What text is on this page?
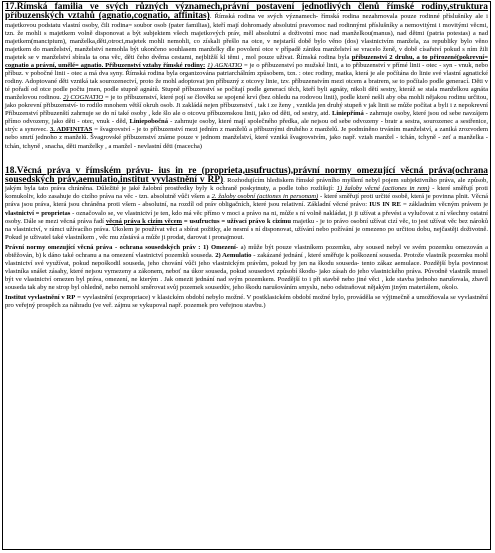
17.Římská familia ve svých různých významech,právní postavení jednotlivých členů římské rodiny,struktura příbuzenských vztahů (agnatio,cognatio, affinitas). Římská rodina ve svých významech- římská rodina nezahrnovala pouze rodinné příslušníky ale i majetkovou podstatu vlastní osoby, čili rodina= soubor osob (pater familias), kteří mají dohromady absolutní pravomoc nad rodinnými příslušníky a nemovitými i movitými věcmi, tzn. že mohli s majetkem volně disponovat a být subjektem všech majetkových práv, měl absolutní a doživotní moc nad manželkou(manus), nad dětmi (patria potestas) a nad majetkem(mancipium), manželka,děti,otroci,majetek mohli nemohli, co získali přešlo na otce, v nejstarší době bylo věno (dos) vlastnictvím manžela, za republiky bylo věno majetkem do manželství, manželství nemohla být ukončeno souhlasem manželky dle povolení otce v případě zániku manželství se vracelo ženě, v době císařství pokud s ním žili majetek se v manželství sbírala ta ona věc, děti čeho dvěma cestami, nejbližší kl těmi , mol pouze uživat. Římská rodina byla příbuzenství 2 druhu, a to přirozené(pokrevní= cognatio a právní, umělé= agnatio. Příbuzenství vztahy římské rodiny: 1) AGNATIO = je o příbuzenství po mužské linii, a to příbuzenství v přímé linii - otec - syn - vnuk, nebo příbuz. v pobočné linii - otec a má dva syny. Římská rodina byla organizována patriarchálním způsobem, tzn. : otec rodiny, matka, která je ale počítána do linie své vlastní agnatické rodiny. Adoptované děti vzniká tak sourozenectví, proto že mohl adoptovat jen příbuzný z otcovy linie, tzv. příbuzenstvím mezi otcem a bratrem, se to počítalo podle generací. Děti v té pořadí od otce podle počtu jmen, podle stupně agnátů. Stupně příbuzenství se počítají podle generací těch, kteří byli agnáty, nikoli dětí sestry, kteráž se stala manželkou agnáta manželovou rodinou. 2) COGNATIO = je to příbuzenství, které pojí se člověku se spojené krví (bez ohledu na rodovou linii), podle které nešli aby oba mohli nějakou rodinu určitou, jako pokrevní přibuzenství- to rodilo mnohem větší okruh osob. Ji zakládá nejen příbuzenství , tak i ze ženy , vznikla jen druhý stupeň v jak linii se může počítat a byli i z nepokrevní Příbuzenství příbuzenští zahrnuje se do ní také osoby , kde šlo ale o otcovu příbuzenskou linii, jako od děti, od sestry, atd. Liniepřímá - zahrnuje osoby, které jsou od sebe navzájem přímo odvozeny, jako děti - otec, vnuk - děd, Liniepobočná - zahrnuje osoby, které mají společného předka, ale nejsou od sebe odvozeny - bratr a sestra, sourozenec a sestřenice, strýc a synovec. 3. ADFINITAS = švagrovství - je to příbuzenství mezi jedním z manželů a příbuznými druhého z manželů. Je podmíněno trváním manželství, a zaniká zrozvodem nebo smrtí jednoho z manželů. Švagrovské příbuzenství známe pouze v jednom manželství, které vzniká švagrovstvím, jako např. vztah manžel - tchán, tchyně - zeť a manželka - tchán, tchyně , snacha, děti manželky , a manžel - nevlastní děti (macecha)

18.Věcná práva v římském právu- ius in re (proprieta,usufructus),právní normy omezující věcná práva(ochrana sousedských práv,aemulatio,institut vyvlastnění v RP). Rozhodujícím hlediskem římské právního myšlení nebyl pojem subjektivního práva, ale způsob, jakým byla tato práva chráněna. Důležité je jaké žalobní prostředky byly k ochraně poskytnuty, a podle toho rozlišují: 1) žaloby věcné (actiones in rem) - které směřují proti komukoliv, kdo zasahuje do cizího práva na věc - tzn. absolutně vůči všem a 2. žaloby osobní (actiones in personam) - které směřují proti určité osobě, která je povinna plnit. Věcná práva jsou práva, která jsou chráněna proti všem - absolutní, na rozdíl od práv obligačních, které jsou relativní. Základní věcné právo: IUS IN RE = základním věcným právem je vlastnictví = proprietas - označovalo se, ve vlastnictví je ten, kdo má věc přímo v moci a právo na ni, může s ní volně nakládat, ji ji užívat a převést a vylučovat z ní všechny ostatní osoby. Dále se mezi věcná práva řadí věcná práva k cizím věcem = usufructus = užívací právo k cizímu majetku - je to právo osobní užívat cizí věc, to jest užívat věc bez nároků na vlastnictví, v rámci užívacího práva. Úkolem je používat věci a sbírat požitky, ale nesmí s ní disponovat, užívání nebo požívání je omezeno po určitou dobu, nejčastěji doživotně. Pokud je uživatel také vlastníkem , věc mu zůstává a může ji prodat, darovat i pronajmout.

Právní normy omezující věcná práva - ochrana sousedských práv : 1) Omezení- a) může být pouze vlastníkem pozemku, aby soused nebyl ve svém pozemku omezován a obtěžován, b) k dáno také ochranu a na omezení vlastnictví pozemků souseda. 2) Aemulatio - zakázané jednání , které směřuje k poškození souseda. Protože vlastník pozemku mohl vlastnictví své využívat, pokud nepoškodil souseda, jeho chování vůči jeho vlastnickým právům, pokud by jen na škodu souseda- tento zákaz aemulace. Pozdější byla povinnost vlastníka snášet zásahy, které nejsou vymezeny a zákonem, neboť na úkor souseda, pokud sousedovi způsobí škodu- jako zásah do jeho vlastnického práva. Původně vlastník musel být ve vlastnictví omezen byl práva, omezení, ne kterým . Jak omezit jednání nad svým pozemkem. Pozdější to i při stavbě nebo jiné věci , kde stavba jednoho narušovala, zbavil souseda tak aby ne strop byl ohledně, nebo nemohl směrovat svůj pozemek sousedův, jeho škodu narušováním smyslu, nebo odstraňovat nějakým jiným materiálem, okolo.

Institut vyvlastnění v RP = vyvlastnění (expropriace) v klasickém období nebylo možné. V postklasickém období možné bylo, prováděla se výjimečně a umožňovala se vyvlastnění pro veřejný prospěch za náhradu (ve veř. zájmu se vykupoval např. pozemek pro veřejnou stavbu.)
